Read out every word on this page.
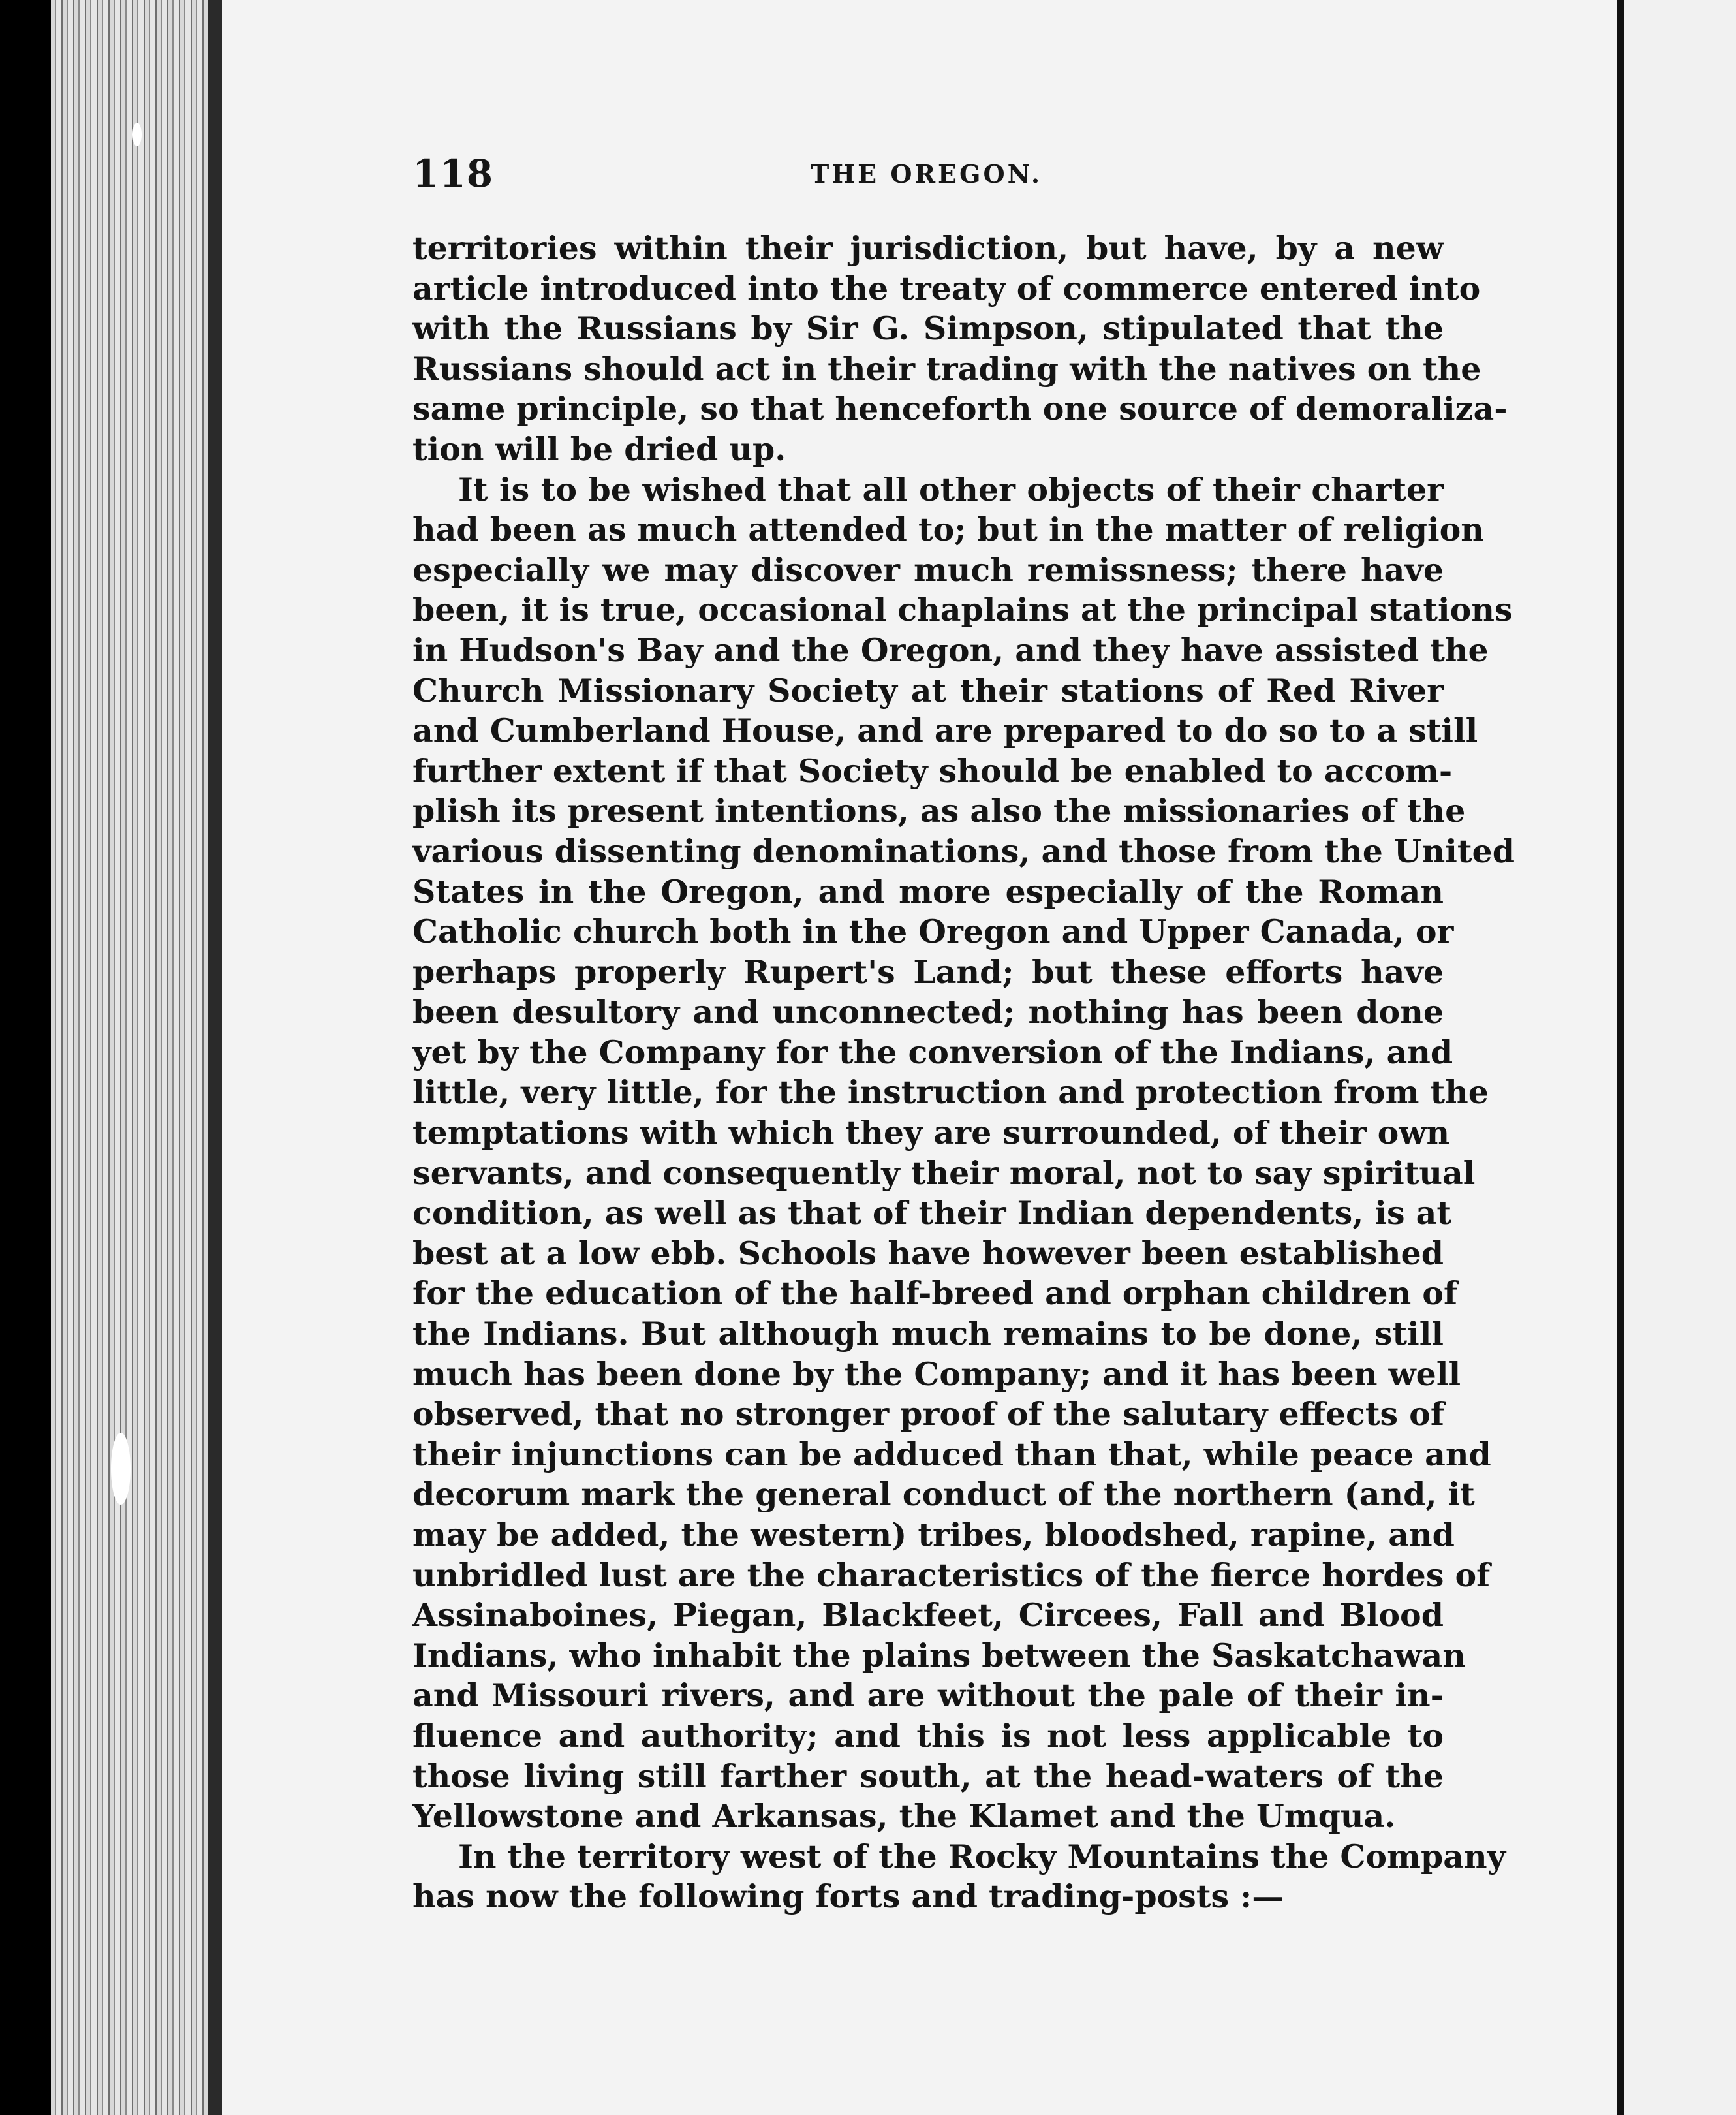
118	THE OREGON.
territories within their jurisdiction, but have, by a new
article introduced into the treaty of commerce entered into
with the Russians by Sir G. Simpson, stipulated that the
Russians should act in their trading with the natives on the
same principle, so that henceforth one source of demoraliza-
tion will be dried up.
It is to be wished that all other objects of their charter
had been as much attended to; but in the matter of religion
especially we may discover much remissness; there have
been, it is true, occasional chaplains at the principal stations
in Hudson's Bay and the Oregon, and they have assisted the
Church Missionary Society at their stations of Red River
and Cumberland House, and are prepared to do so to a still
further extent if that Society should be enabled to accom-
plish its present intentions, as also the missionaries of the
various dissenting denominations, and those from the United
States in the Oregon, and more especially of the Roman
Catholic church both in the Oregon and Upper Canada, or
perhaps properly Rupert's Land; but these efforts have
been desultory and unconnected; nothing has been done
yet by the Company for the conversion of the Indians, and
little, very little, for the instruction and protection from the
temptations with which they are surrounded, of their own
servants, and consequently their moral, not to say spiritual
condition, as well as that of their Indian dependents, is at
best at a low ebb. Schools have however been established
for the education of the half-breed and orphan children of
the Indians. But although much remains to be done, still
much has been done by the Company; and it has been well
observed, that no stronger proof of the salutary effects of
their injunctions can be adduced than that, while peace and
decorum mark the general conduct of the northern (and, it
may be added, the western) tribes, bloodshed, rapine, and
unbridled lust are the characteristics of the fierce hordes of
Assinaboines, Piegan, Blackfeet, Circees, Fall and Blood
Indians, who inhabit the plains between the Saskatchawan
and Missouri rivers, and are without the pale of their in-
fluence and authority; and this is not less applicable to
those living still farther south, at the head-waters of the
Yellowstone and Arkansas, the Klamet and the Umqua.
In the territory west of the Rocky Mountains the Company
has now the following forts and trading-posts :—
